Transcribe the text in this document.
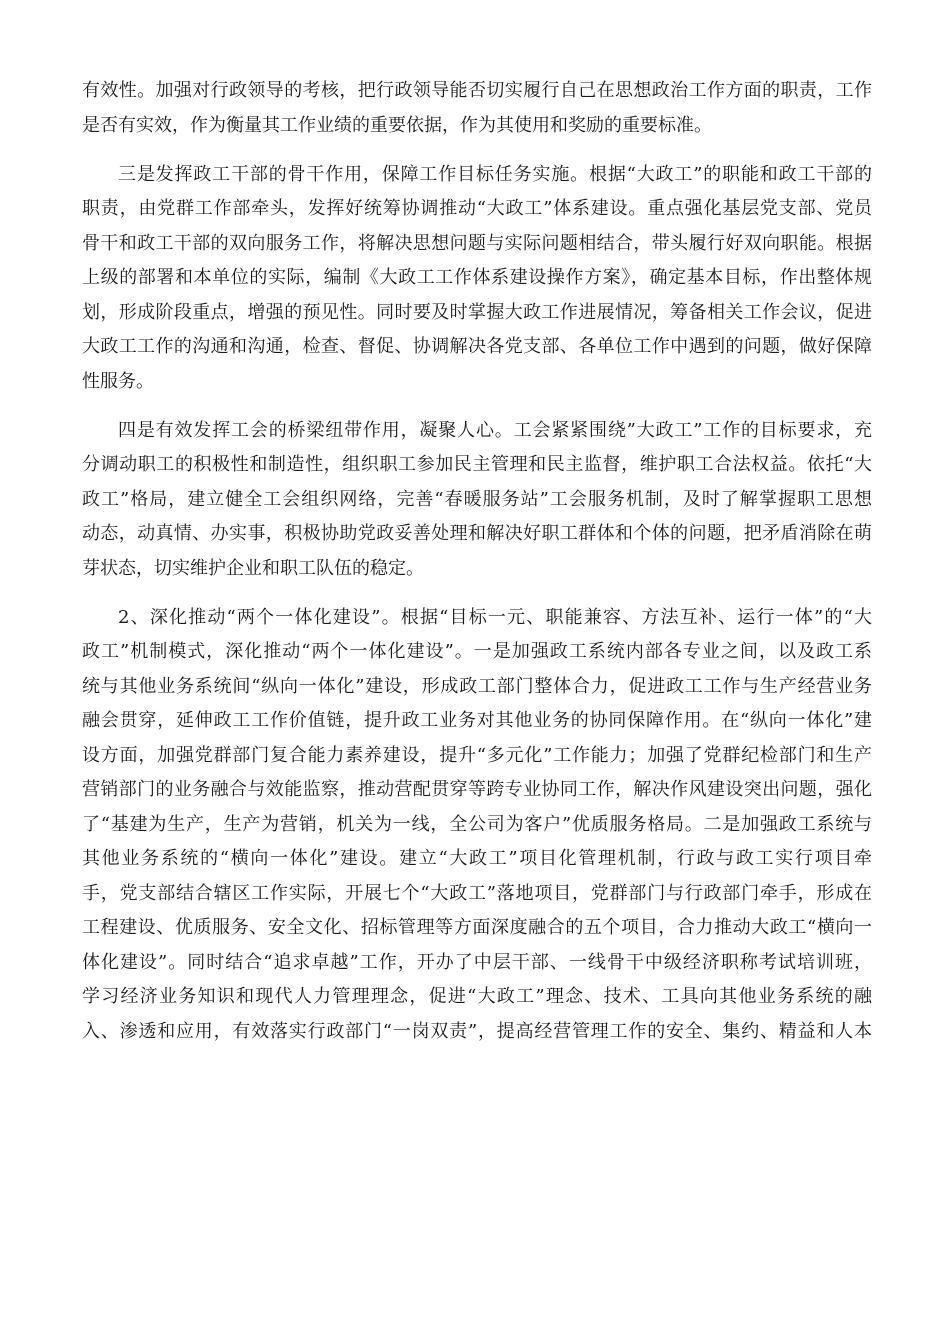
有效性。加强对行政领导的考核，把行政领导能否切实履行自己在思想政治工作方面的职责，工作
是否有实效，作为衡量其工作业绩的重要依据，作为其使用和奖励的重要标准。
三是发挥政工干部的骨干作用，保障工作目标任务实施。根据“大政工”的职能和政工干部的
职责，由党群工作部牵头，发挥好统筹协调推动“大政工”体系建设。重点强化基层党支部、党员
骨干和政工干部的双向服务工作，将解决思想问题与实际问题相结合，带头履行好双向职能。根据
上级的部署和本单位的实际，编制《大政工工作体系建设操作方案》，确定基本目标，作出整体规
划，形成阶段重点，增强的预见性。同时要及时掌握大政工作进展情况，筹备相关工作会议，促进
大政工工作的沟通和沟通，检查、督促、协调解决各党支部、各单位工作中遇到的问题，做好保障
性服务。
四是有效发挥工会的桥梁纽带作用，凝聚人心。工会紧紧围绕”大政工”工作的目标要求，充
分调动职工的积极性和制造性，组织职工参加民主管理和民主监督，维护职工合法权益。依托“大
政工”格局，建立健全工会组织网络，完善“春暖服务站”工会服务机制，及时了解掌握职工思想
动态，动真情、办实事，积极协助党政妥善处理和解决好职工群体和个体的问题，把矛盾消除在萌
芽状态，切实维护企业和职工队伍的稳定。
2、深化推动“两个一体化建设”。根据“目标一元、职能兼容、方法互补、运行一体”的“大
政工”机制模式，深化推动“两个一体化建设”。一是加强政工系统内部各专业之间，以及政工系
统与其他业务系统间“纵向一体化”建设，形成政工部门整体合力，促进政工工作与生产经营业务
融会贯穿，延伸政工工作价值链，提升政工业务对其他业务的协同保障作用。在“纵向一体化”建
设方面，加强党群部门复合能力素养建设，提升“多元化”工作能力；加强了党群纪检部门和生产
营销部门的业务融合与效能监察，推动营配贯穿等跨专业协同工作，解决作风建设突出问题，强化
了“基建为生产，生产为营销，机关为一线，全公司为客户”优质服务格局。二是加强政工系统与
其他业务系统的“横向一体化”建设。建立“大政工”项目化管理机制，行政与政工实行项目牵
手，党支部结合辖区工作实际，开展七个“大政工”落地项目，党群部门与行政部门牵手，形成在
工程建设、优质服务、安全文化、招标管理等方面深度融合的五个项目，合力推动大政工“横向一
体化建设”。同时结合“追求卓越”工作，开办了中层干部、一线骨干中级经济职称考试培训班，
学习经济业务知识和现代人力管理理念，促进“大政工”理念、技术、工具向其他业务系统的融
入、渗透和应用，有效落实行政部门“一岗双责”，提高经营管理工作的安全、集约、精益和人本
